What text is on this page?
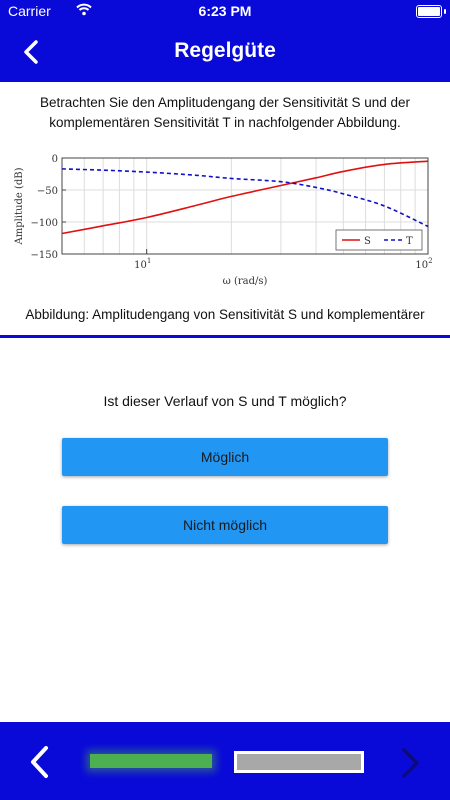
Carrier	6:23 PM
Regelgüte
Betrachten Sie den Amplitudengang der Sensitivität S und der komplementären Sensitivität T in nachfolgender Abbildung.
0
−50
−100
−150
$10^1$	$10^2$
ω (rad/s)
Amplitude (dB)	S	T
Abbildung: Amplitudengang von Sensitivität S und komplementärer
Ist dieser Verlauf von S und T möglich?
Möglich
Nicht möglich
